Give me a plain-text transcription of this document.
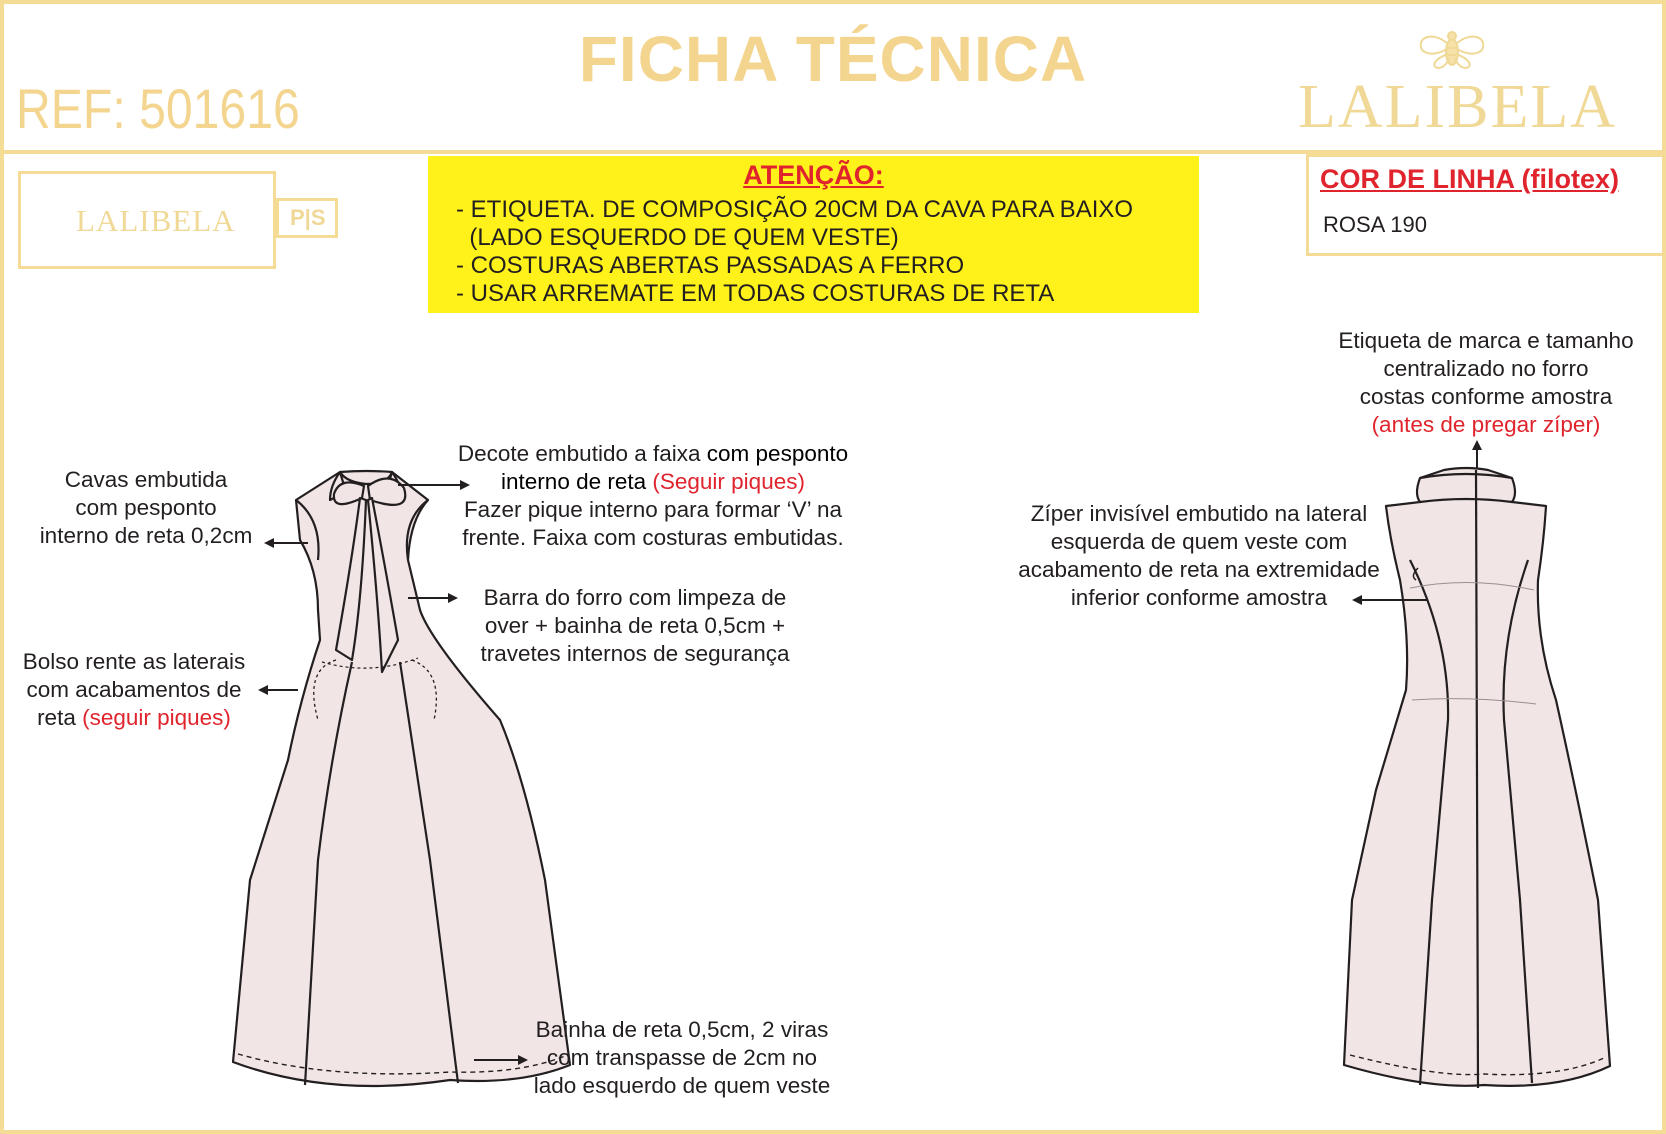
FICHA TÉCNICA
REF: 501616	LALIBELA
LALIBELA P|S
ATENÇÃO:
- ETIQUETA. DE COMPOSIÇÃO 20CM DA CAVA PARA BAIXO
(LADO ESQUERDO DE QUEM VESTE)
- COSTURAS ABERTAS PASSADAS A FERRO
- USAR ARREMATE EM TODAS COSTURAS DE RETA
COR DE LINHA (filotex)
ROSA 190
Cavas embutida
com pesponto
interno de reta 0,2cm
Decote embutido a faixa com pesponto
interno de reta (Seguir piques)
Fazer pique interno para formar ‘V’ na
frente. Faixa com costuras embutidas.
Barra do forro com limpeza de
over + bainha de reta 0,5cm +
travetes internos de segurança
Bolso rente as laterais
com acabamentos de
reta (seguir piques)
Bainha de reta 0,5cm, 2 viras
com transpasse de 2cm no
lado esquerdo de quem veste
Etiqueta de marca e tamanho
centralizado no forro
costas conforme amostra
(antes de pregar zíper)
Zíper invisível embutido na lateral
esquerda de quem veste com
acabamento de reta na extremidade
inferior conforme amostra
